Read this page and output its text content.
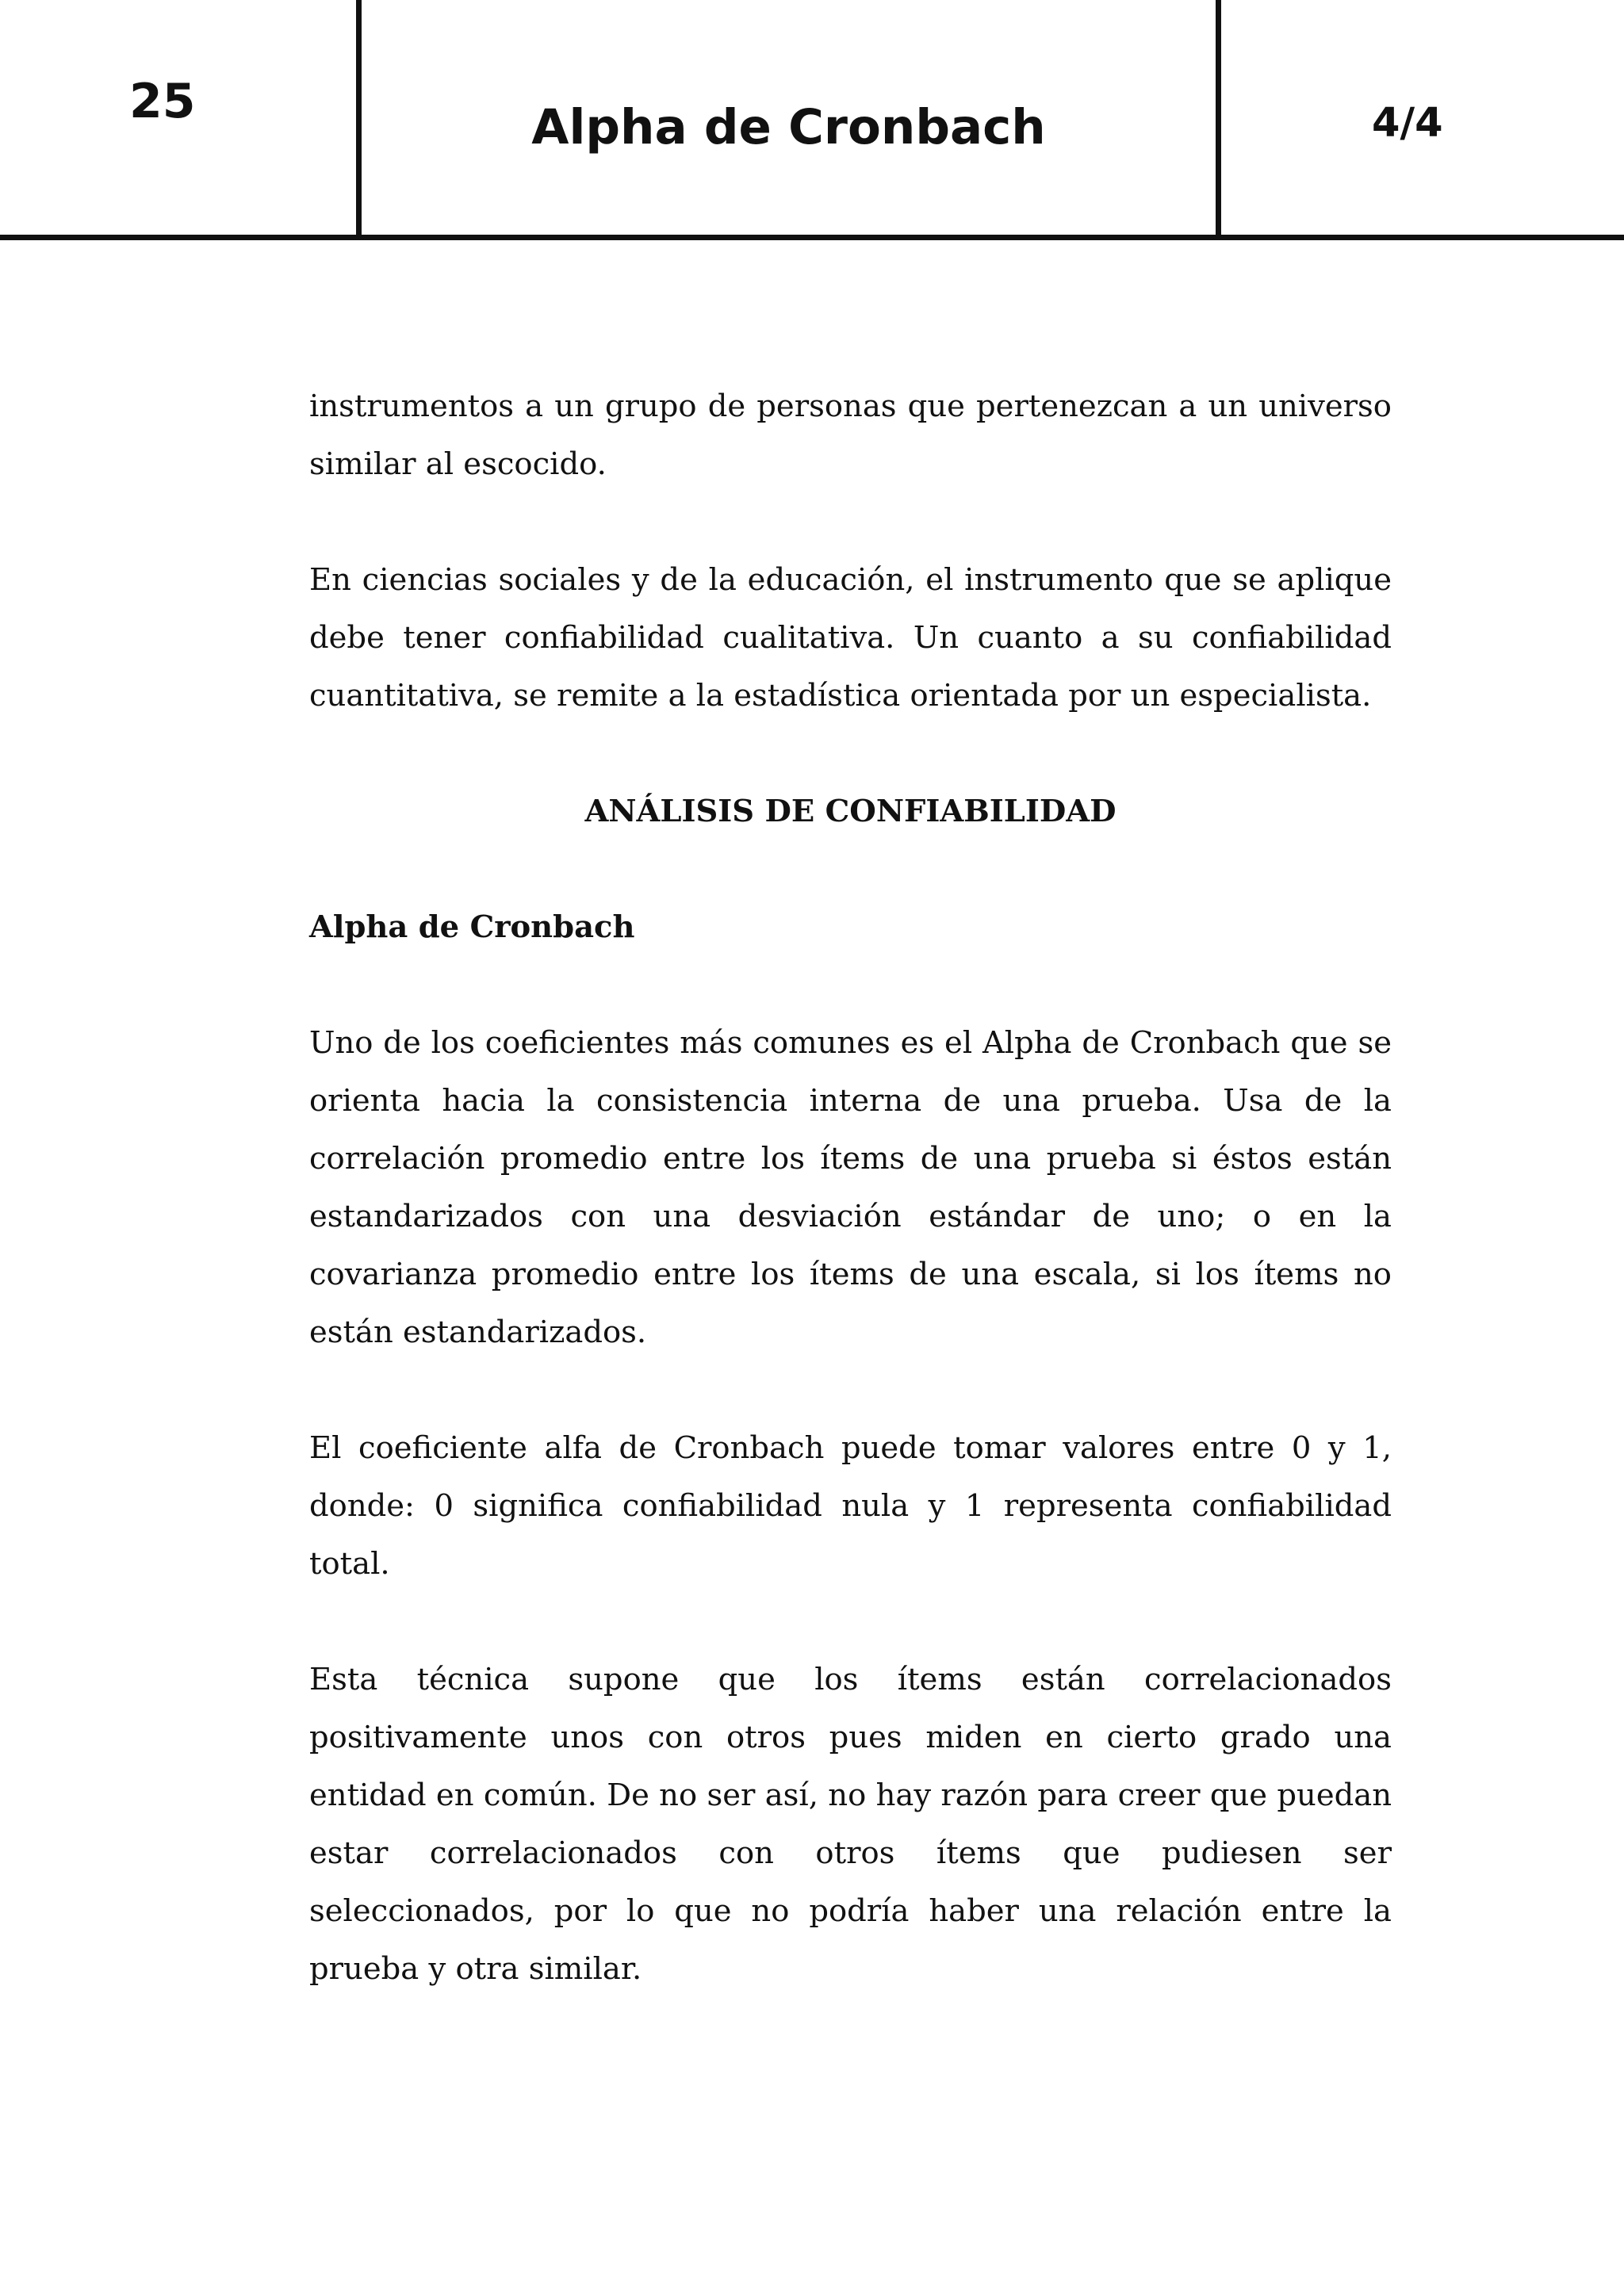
25	Alpha de Cronbach	4/4

instrumentos a un grupo de personas que pertenezcan a un universo similar al escocido.

En ciencias sociales y de la educación, el instrumento que se aplique debe tener confiabilidad cualitativa. Un cuanto a su confiabilidad cuantitativa, se remite a la estadística orientada por un especialista.

ANÁLISIS DE CONFIABILIDAD

Alpha de Cronbach

Uno de los coeficientes más comunes es el Alpha de Cronbach que se orienta hacia la consistencia interna de una prueba. Usa de la correlación promedio entre los ítems de una prueba si éstos están estandarizados con una desviación estándar de uno; o en la covarianza promedio entre los ítems de una escala, si los ítems no están estandarizados.

El coeficiente alfa de Cronbach puede tomar valores entre 0 y 1, donde: 0 significa confiabilidad nula y 1 representa confiabilidad total.

Esta técnica supone que los ítems están correlacionados positivamente unos con otros pues miden en cierto grado una entidad en común. De no ser así, no hay razón para creer que puedan estar correlacionados con otros ítems que pudiesen ser seleccionados, por lo que no podría haber una relación entre la prueba y otra similar.
